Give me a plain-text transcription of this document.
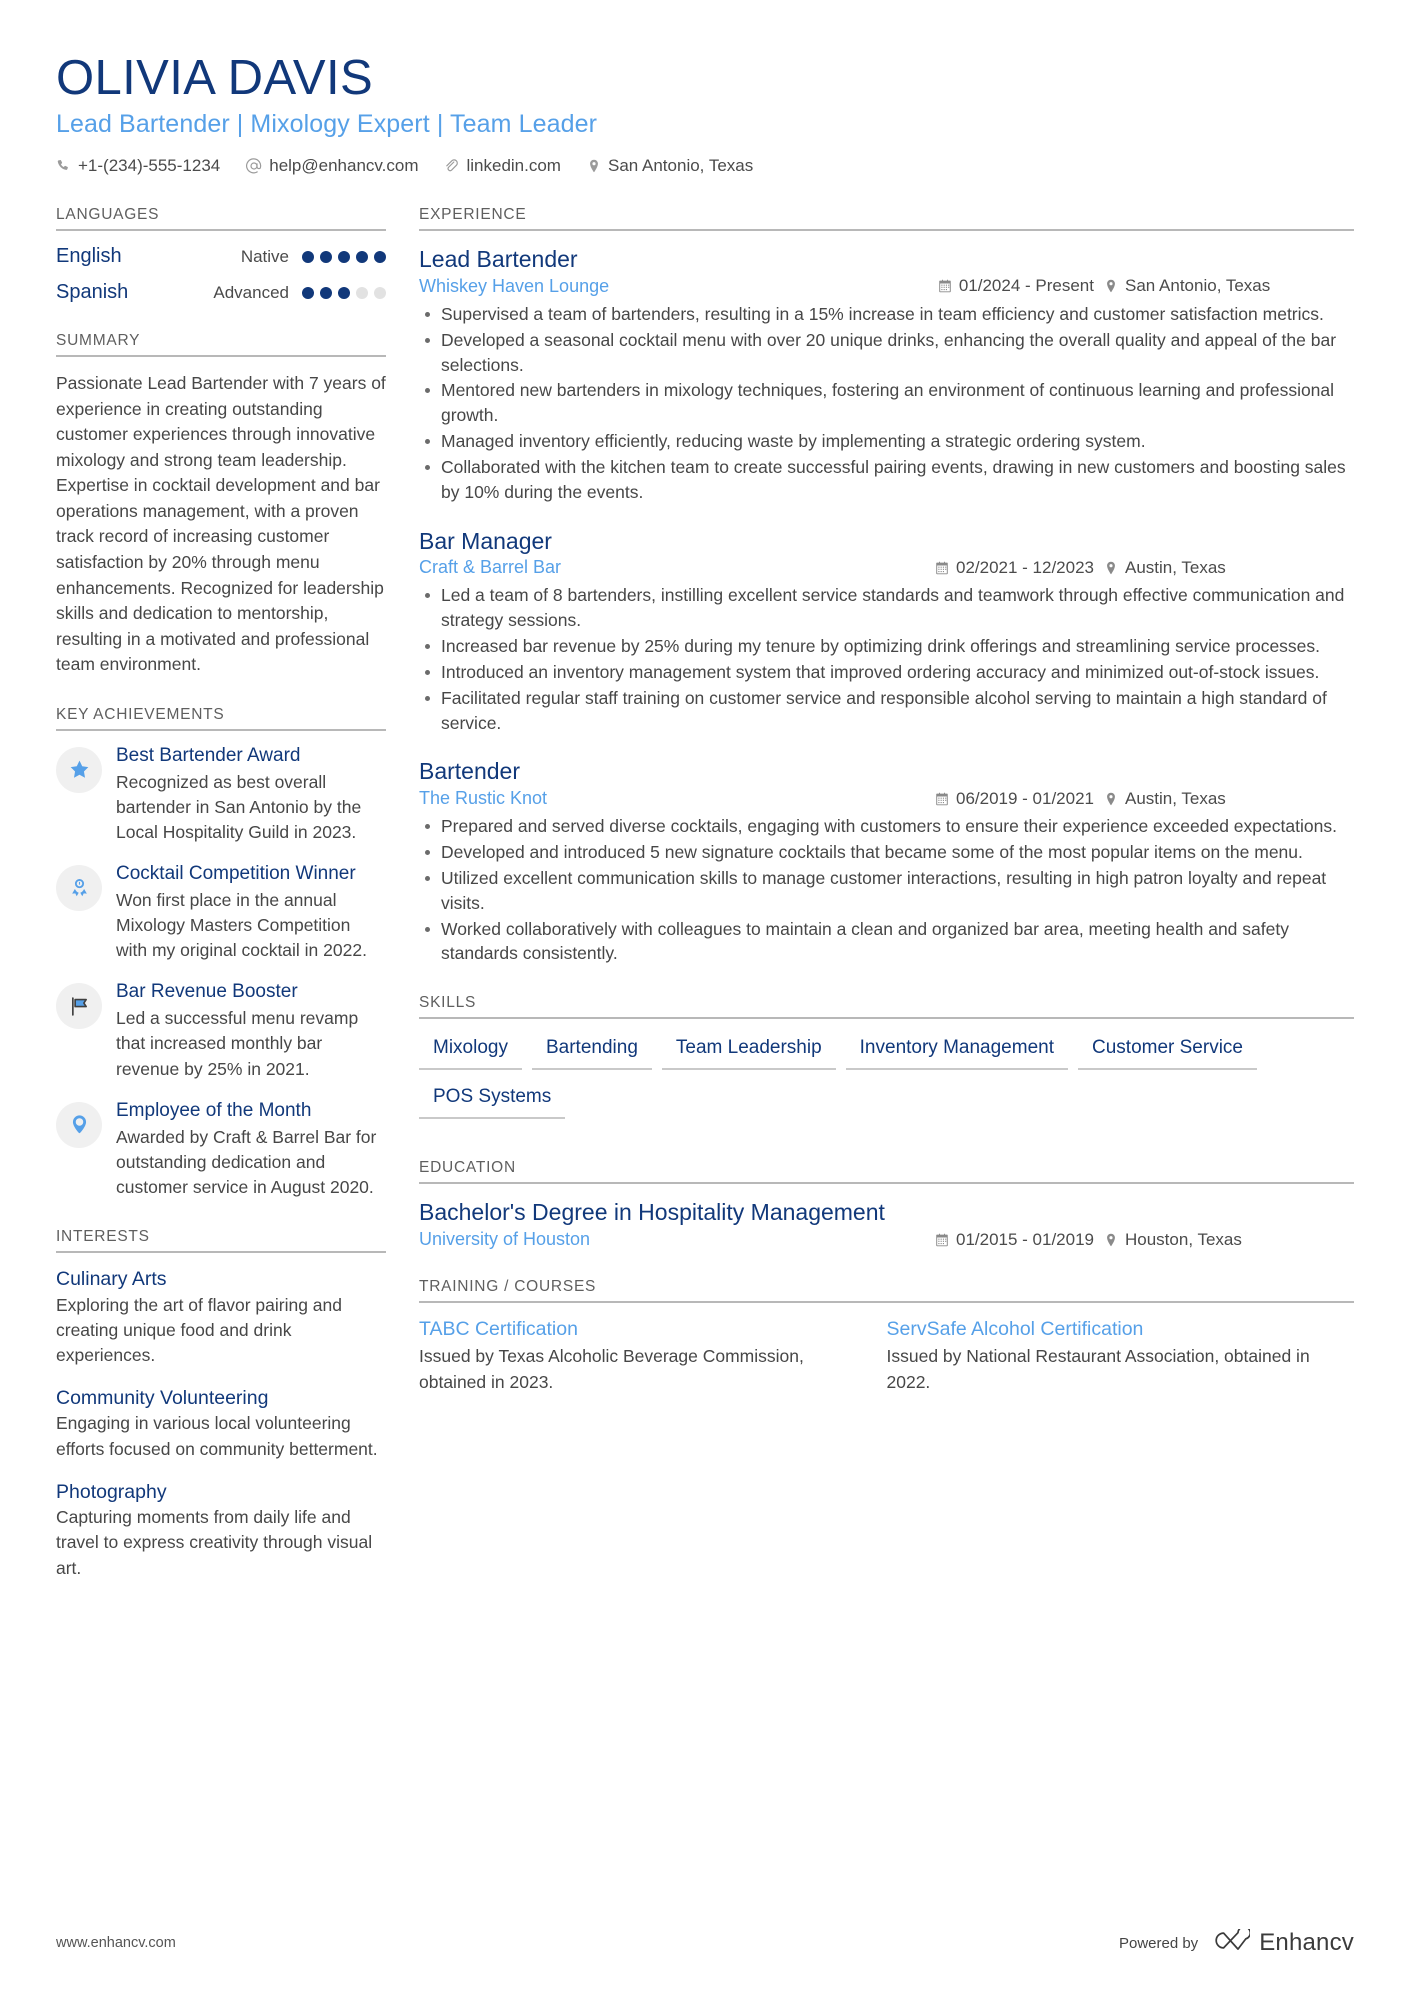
OLIVIA DAVIS
Lead Bartender | Mixology Expert | Team Leader
+1-(234)-555-1234	help@enhancv.com	linkedin.com	San Antonio, Texas
LANGUAGES
English	Native
Spanish	Advanced
SUMMARY
Passionate Lead Bartender with 7 years of experience in creating outstanding customer experiences through innovative mixology and strong team leadership. Expertise in cocktail development and bar operations management, with a proven track record of increasing customer satisfaction by 20% through menu enhancements. Recognized for leadership skills and dedication to mentorship, resulting in a motivated and professional team environment.
KEY ACHIEVEMENTS
Best Bartender Award
Recognized as best overall bartender in San Antonio by the Local Hospitality Guild in 2023.
Cocktail Competition Winner
Won first place in the annual Mixology Masters Competition with my original cocktail in 2022.
Bar Revenue Booster
Led a successful menu revamp that increased monthly bar revenue by 25% in 2021.
Employee of the Month
Awarded by Craft & Barrel Bar for outstanding dedication and customer service in August 2020.
INTERESTS
Culinary Arts
Exploring the art of flavor pairing and creating unique food and drink experiences.
Community Volunteering
Engaging in various local volunteering efforts focused on community betterment.
Photography
Capturing moments from daily life and travel to express creativity through visual art.
EXPERIENCE
Lead Bartender
Whiskey Haven Lounge	01/2024 - Present San Antonio, Texas
Supervised a team of bartenders, resulting in a 15% increase in team efficiency and customer satisfaction metrics.
Developed a seasonal cocktail menu with over 20 unique drinks, enhancing the overall quality and appeal of the bar selections.
Mentored new bartenders in mixology techniques, fostering an environment of continuous learning and professional growth.
Managed inventory efficiently, reducing waste by implementing a strategic ordering system.
Collaborated with the kitchen team to create successful pairing events, drawing in new customers and boosting sales by 10% during the events.
Bar Manager
Craft & Barrel Bar	02/2021 - 12/2023 Austin, Texas
Led a team of 8 bartenders, instilling excellent service standards and teamwork through effective communication and strategy sessions.
Increased bar revenue by 25% during my tenure by optimizing drink offerings and streamlining service processes.
Introduced an inventory management system that improved ordering accuracy and minimized out-of-stock issues.
Facilitated regular staff training on customer service and responsible alcohol serving to maintain a high standard of service.
Bartender
The Rustic Knot	06/2019 - 01/2021 Austin, Texas
Prepared and served diverse cocktails, engaging with customers to ensure their experience exceeded expectations.
Developed and introduced 5 new signature cocktails that became some of the most popular items on the menu.
Utilized excellent communication skills to manage customer interactions, resulting in high patron loyalty and repeat visits.
Worked collaboratively with colleagues to maintain a clean and organized bar area, meeting health and safety standards consistently.
SKILLS
Mixology	Bartending	Team Leadership	Inventory Management	Customer Service
POS Systems
EDUCATION
Bachelor's Degree in Hospitality Management
University of Houston	01/2015 - 01/2019 Houston, Texas
TRAINING / COURSES
TABC Certification
Issued by Texas Alcoholic Beverage Commission, obtained in 2023.
ServSafe Alcohol Certification
Issued by National Restaurant Association, obtained in 2022.
www.enhancv.com	Powered by	Enhancv
